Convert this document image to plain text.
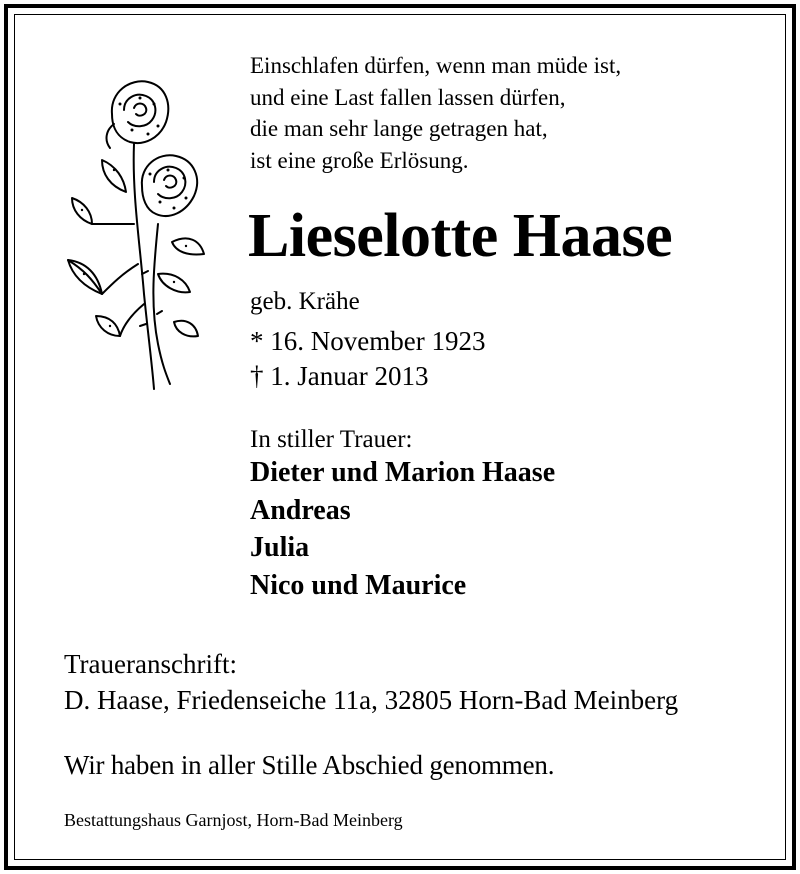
Einschlafen dürfen, wenn man müde ist,
und eine Last fallen lassen dürfen,
die man sehr lange getragen hat,
ist eine große Erlösung.
Lieselotte Haase
geb. Krähe
* 16. November 1923
† 1. Januar 2013
In stiller Trauer:
Dieter und Marion Haase
Andreas
Julia
Nico und Maurice
Traueranschrift:
D. Haase, Friedenseiche 11a, 32805 Horn-Bad Meinberg
Wir haben in aller Stille Abschied genommen.
Bestattungshaus Garnjost, Horn-Bad Meinberg
